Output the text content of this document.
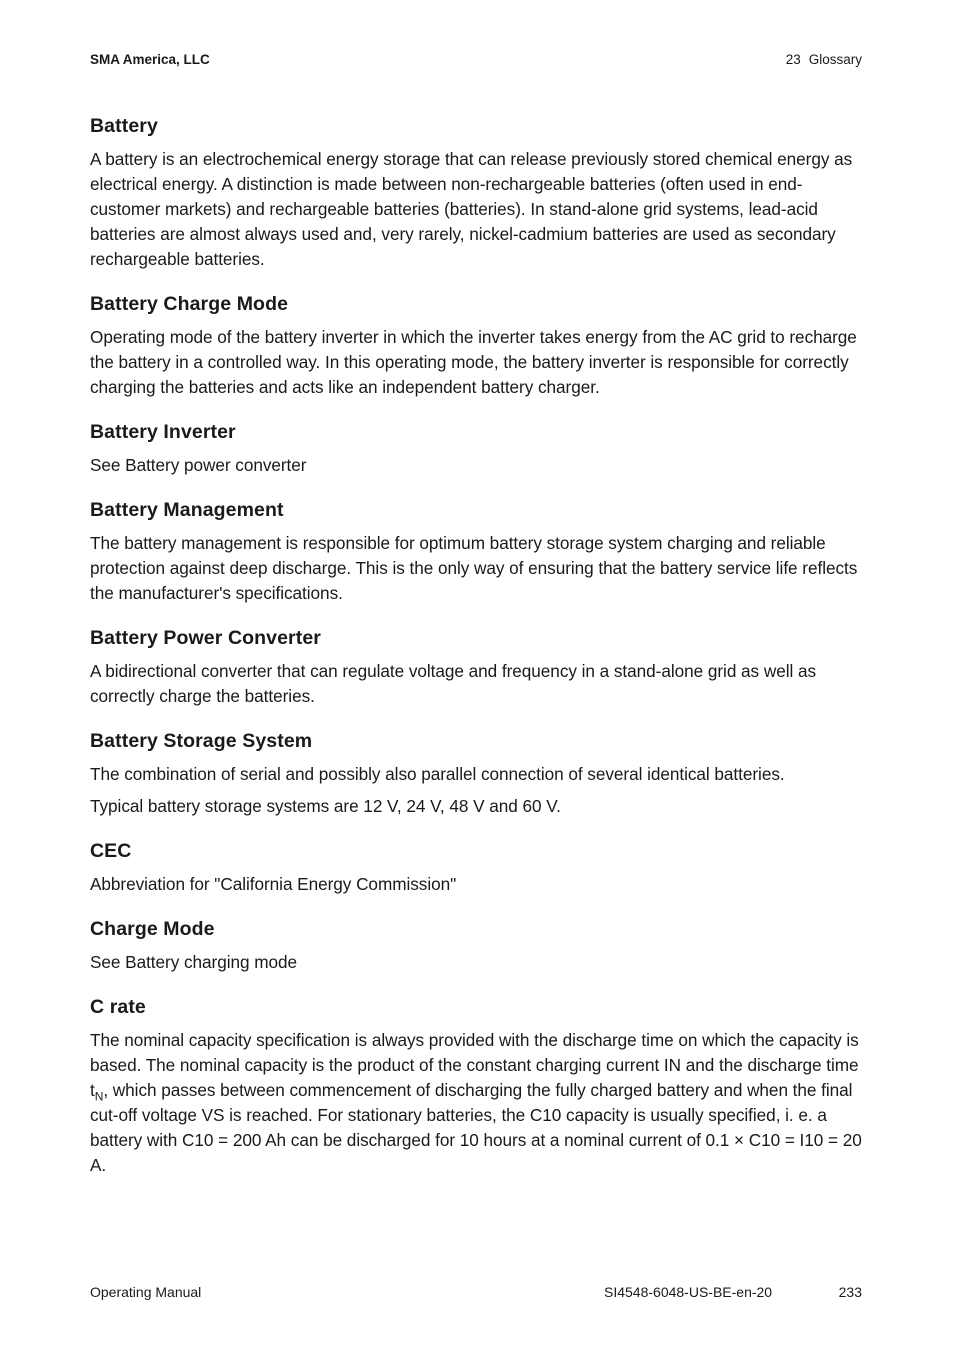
SMA America, LLC	23 Glossary
Battery

A battery is an electrochemical energy storage that can release previously stored chemical energy as electrical energy. A distinction is made between non-rechargeable batteries (often used in end-customer markets) and rechargeable batteries (batteries). In stand-alone grid systems, lead-acid batteries are almost always used and, very rarely, nickel-cadmium batteries are used as secondary rechargeable batteries.

Battery Charge Mode

Operating mode of the battery inverter in which the inverter takes energy from the AC grid to recharge the battery in a controlled way. In this operating mode, the battery inverter is responsible for correctly charging the batteries and acts like an independent battery charger.

Battery Inverter

See Battery power converter

Battery Management

The battery management is responsible for optimum battery storage system charging and reliable protection against deep discharge. This is the only way of ensuring that the battery service life reflects the manufacturer's specifications.

Battery Power Converter

A bidirectional converter that can regulate voltage and frequency in a stand-alone grid as well as correctly charge the batteries.

Battery Storage System

The combination of serial and possibly also parallel connection of several identical batteries.

Typical battery storage systems are 12 V, 24 V, 48 V and 60 V.

CEC

Abbreviation for "California Energy Commission"

Charge Mode

See Battery charging mode

C rate

The nominal capacity specification is always provided with the discharge time on which the capacity is based. The nominal capacity is the product of the constant charging current IN and the discharge time $t_N$, which passes between commencement of discharging the fully charged battery and when the final cut-off voltage VS is reached. For stationary batteries, the C10 capacity is usually specified, i. e. a battery with C10 = 200 Ah can be discharged for 10 hours at a nominal current of 0.1 × C10 = I10 = 20 A.

Operating Manual	SI4548-6048-US-BE-en-20	233
